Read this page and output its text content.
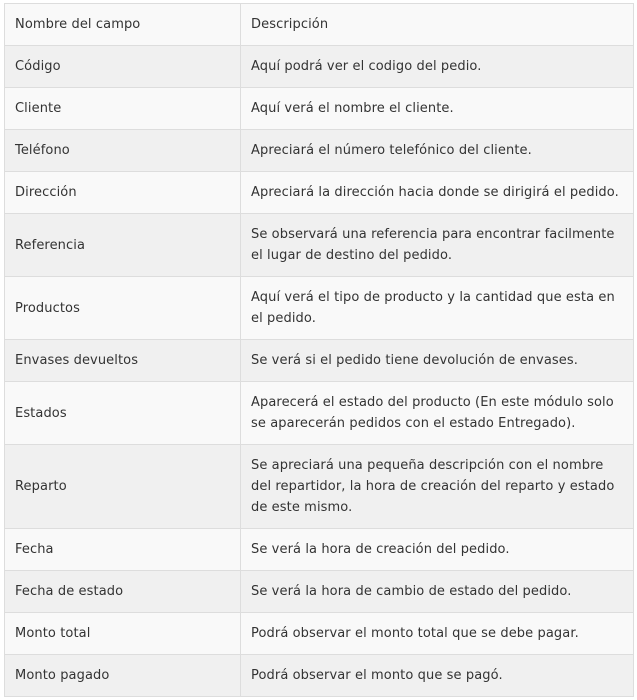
Nombre del campo	Descripción
Código	Aquí podrá ver el codigo del pedio.
Cliente	Aquí verá el nombre el cliente.
Teléfono	Apreciará el número telefónico del cliente.
Dirección	Apreciará la dirección hacia donde se dirigirá el pedido.
Referencia	Se observará una referencia para encontrar facilmente el lugar de destino del pedido.
Productos	Aquí verá el tipo de producto y la cantidad que esta en el pedido.
Envases devueltos	Se verá si el pedido tiene devolución de envases.
Estados	Aparecerá el estado del producto (En este módulo solo se aparecerán pedidos con el estado Entregado).
Reparto	Se apreciará una pequeña descripción con el nombre del repartidor, la hora de creación del reparto y estado de este mismo.
Fecha	Se verá la hora de creación del pedido.
Fecha de estado	Se verá la hora de cambio de estado del pedido.
Monto total	Podrá observar el monto total que se debe pagar.
Monto pagado	Podrá observar el monto que se pagó.
